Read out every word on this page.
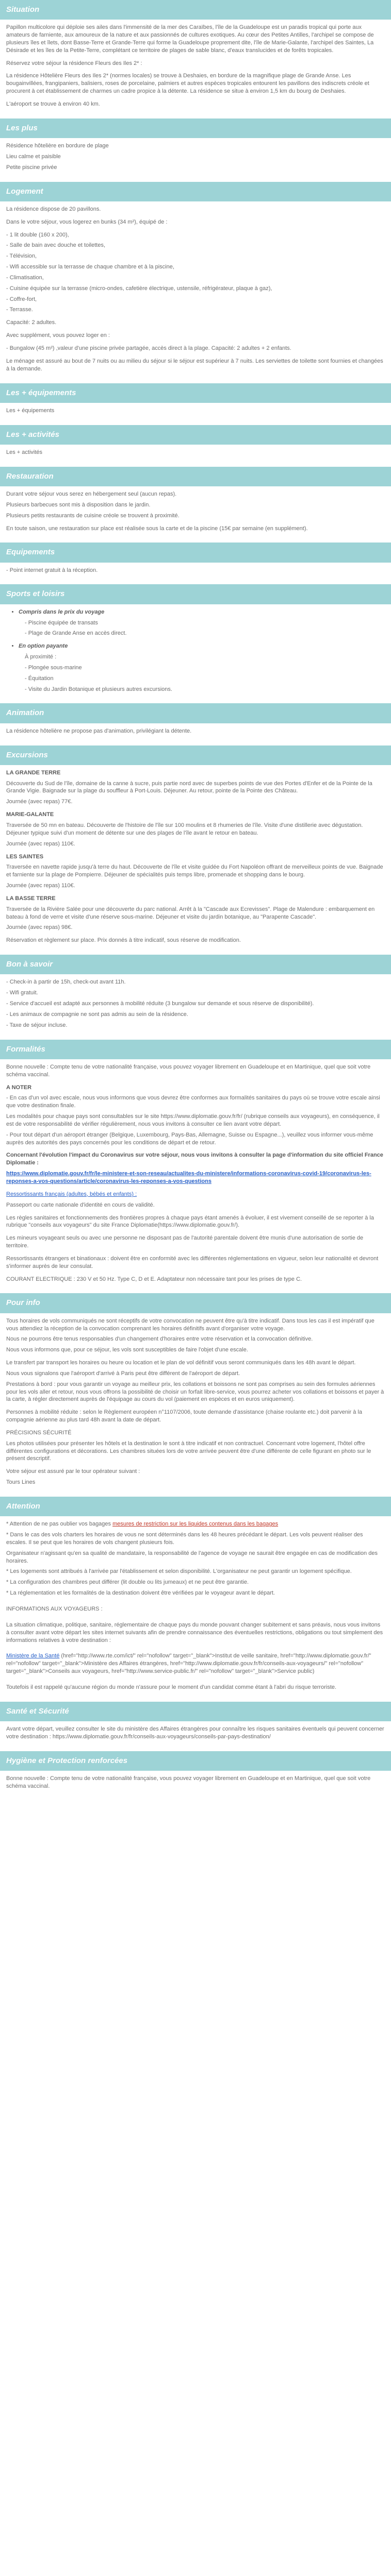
Situation

Papillon multicolore qui déploie ses ailes dans l'immensité de la mer des Caraïbes, l'île de la Guadeloupe est un paradis tropical qui porte aux amateurs de farniente, aux amoureux de la nature et aux passionnés de cultures exotiques. Au cœur des Petites Antilles, l'archipel se compose de plusieurs îles et îlets, dont Basse-Terre et Grande-Terre qui forme la Guadeloupe proprement dite, l'île de Marie-Galante, l'archipel des Saintes, La Désirade et les îles de la Petite-Terre, complétant ce territoire de plages de sable blanc, d'eaux translucides et de forêts tropicales.

Réservez votre séjour la résidence Fleurs des Iles 2* :

La résidence Hôtelière Fleurs des Iles 2* (normes locales) se trouve à Deshaies, en bordure de la magnifique plage de Grande Anse. Les bougainvillées, frangipaniers, balisiers, roses de porcelaine, palmiers et autres espèces tropicales entourent les pavillons des indiscrets créole et procurent à cet établissement de charmes un cadre propice à la détente. La résidence se situe à environ 1,5 km du bourg de Deshaies.

L'aéroport se trouve à environ 40 km.

Les plus

Résidence hôtelière en bordure de plage

Lieu calme et paisible

Petite piscine privée

Logement

La résidence dispose de 20 pavillons.

Dans le votre séjour, vous logerez en bunks (34 m²), équipé de :

- 1 lit double (160 x 200),

- Salle de bain avec douche et toilettes,

- Télévision,

- Wifi accessible sur la terrasse de chaque chambre et à la piscine,

- Climatisation,

- Cuisine équipée sur la terrasse (micro-ondes, cafetière électrique, ustensile, réfrigérateur, plaque à gaz),

- Coffre-fort,

- Terrasse.

Capacité: 2 adultes.

Avec supplément, vous pouvez loger en :

- Bungalow (45 m²) ,valeur d'une piscine privée partagée, accès direct à la plage. Capacité: 2 adultes + 2 enfants.

Le ménage est assuré au bout de 7 nuits ou au milieu du séjour si le séjour est supérieur à 7 nuits. Les serviettes de toilette sont fournies et changées à la demande.

Les + équipements

Les + équipements

Les + activités

Les + activités

Restauration

Durant votre séjour vous serez en hébergement seul (aucun repas).

Plusieurs barbecues sont mis à disposition dans le jardin.

Plusieurs petits restaurants de cuisine créole se trouvent à proximité.

En toute saison, une restauration sur place est réalisée sous la carte et de la piscine (15€ par semaine (en supplément).

Equipements

- Point internet gratuit à la réception.

Sports et loisirs
• Compris dans le prix du voyage

- Piscine équipée de transats

- Plage de Grande Anse en accès direct.

• En option payante

À proximité :

- Plongée sous-marine

- Équitation

- Visite du Jardin Botanique et plusieurs autres excursions.

Animation

La résidence hôtelière ne propose pas d'animation, privilégiant la détente.

Excursions

LA GRANDE TERRE

Découverte du Sud de l'île, domaine de la canne à sucre, puis partie nord avec de superbes points de vue des Portes d'Enfer et de la Pointe de la Grande Vigie. Baignade sur la plage du souffleur à Port-Louis. Déjeuner. Au retour, pointe de la Pointe des Château.

Journée (avec repas) 77€.

MARIE-GALANTE

Traversée de 50 mn en bateau. Découverte de l'histoire de l'île sur 100 moulins et 8 rhumeries de l'île. Visite d'une distillerie avec dégustation. Déjeuner typique suivi d'un moment de détente sur une des plages de l'île avant le retour en bateau.

Journée (avec repas) 110€.

LES SAINTES

Traversée en navette rapide jusqu'à terre du haut. Découverte de l'île et visite guidée du Fort Napoléon offrant de merveilleux points de vue. Baignade et farniente sur la plage de Pompierre. Déjeuner de spécialités puis temps libre, promenade et shopping dans le bourg.

Journée (avec repas) 110€.

LA BASSE TERRE

Traversée de la Rivière Salée pour une découverte du parc national. Arrêt à la "Cascade aux Ecrevisses". Plage de Malendure : embarquement en bateau à fond de verre et visite d'une réserve sous-marine. Déjeuner et visite du jardin botanique, au "Parapente Cascade".

Journée (avec repas) 98€.

Réservation et règlement sur place. Prix donnés à titre indicatif, sous réserve de modification.

Bon à savoir

- Check-in à partir de 15h, check-out avant 11h.

- Wifi gratuit.

- Service d'accueil est adapté aux personnes à mobilité réduite (3 bungalow sur demande et sous réserve de disponibilité).

- Les animaux de compagnie ne sont pas admis au sein de la résidence.

- Taxe de séjour incluse.

Formalités

Bonne nouvelle : Compte tenu de votre nationalité française, vous pouvez voyager librement en Guadeloupe et en Martinique, quel que soit votre schéma vaccinal.

A NOTER

- En cas d'un vol avec escale, nous vous informons que vous devrez être conformes aux formalités sanitaires du pays où se trouve votre escale ainsi que votre destination finale.

Les modalités pour chaque pays sont consultables sur le site https://www.diplomatie.gouv.fr/fr/ (rubrique conseils aux voyageurs), en conséquence, il est de votre responsabilité de vérifier régulièrement, nous vous invitons à consulter ce lien avant votre départ.

- Pour tout départ d'un aéroport étranger (Belgique, Luxembourg, Pays-Bas, Allemagne, Suisse ou Espagne...), veuillez vous informer vous-même auprès des autorités des pays concernés pour les conditions de départ et de retour.

Concernant l'évolution l'impact du Coronavirus sur votre séjour, nous vous invitons à consulter la page d'information du site officiel France Diplomatie :

https://www.diplomatie.gouv.fr/fr/le-ministere-et-son-reseau/actualites-du-ministere/informations-coronavirus-covid-19/coronavirus-les-reponses-a-vos-questions/article/coronavirus-les-reponses-a-vos-questions

Ressortissants français (adultes, bébés et enfants) :

Passeport ou carte nationale d'identité en cours de validité.

Les règles sanitaires et fonctionnements des frontières propres à chaque pays étant amenés à évoluer, il est vivement conseillé de se reporter à la rubrique "conseils aux voyageurs" du site France Diplomatie(https://www.diplomatie.gouv.fr/).

Les mineurs voyageant seuls ou avec une personne ne disposant pas de l'autorité parentale doivent être munis d'une autorisation de sortie de territoire.

Ressortissants étrangers et binationaux : doivent être en conformité avec les différentes réglementations en vigueur, selon leur nationalité et devront s'informer auprès de leur consulat.

COURANT ELECTRIQUE : 230 V et 50 Hz. Type C, D et E. Adaptateur non nécessaire tant pour les prises de type C.

Pour info

Tous horaires de vols communiqués ne sont réceptifs de votre convocation ne peuvent être qu'à titre indicatif. Dans tous les cas il est impératif que vous attendiez la réception de la convocation comprenant les horaires définitifs avant d'organiser votre voyage.

Nous ne pourrons être tenus responsables d'un changement d'horaires entre votre réservation et la convocation définitive.

Nous vous informons que, pour ce séjour, les vols sont susceptibles de faire l'objet d'une escale.

Le transfert par transport les horaires ou heure ou location et le plan de vol définitif vous seront communiqués dans les 48h avant le départ.

Nous vous signalons que l'aéroport d'arrivé à Paris peut être différent de l'aéroport de départ.

Prestations à bord : pour vous garantir un voyage au meilleur prix, les collations et boissons ne sont pas comprises au sein des formules aériennes pour les vols aller et retour, nous vous offrons la possibilité de choisir un forfait libre-service, vous pourrez acheter vos collations et boissons et payer à la carte, à régler directement auprès de l'équipage au cours du vol (paiement en espèces et en euros uniquement).

Personnes à mobilité réduite : selon le Règlement européen n°1107/2006, toute demande d'assistance (chaise roulante etc.) doit parvenir à la compagnie aérienne au plus tard 48h avant la date de départ.

PRÉCISIONS SÉCURITÉ

Les photos utilisées pour présenter les hôtels et la destination le sont à titre indicatif et non contractuel. Concernant votre logement, l'hôtel offre différentes configurations et décorations. Les chambres situées lors de votre arrivée peuvent être d'une différente de celle figurant en photo sur le présent descriptif.

Votre séjour est assuré par le tour opérateur suivant :

Tours Lines

Attention

* Attention de ne pas oublier vos bagages mesures de restriction sur les liquides contenus dans les bagages

* Dans le cas des vols charters les horaires de vous ne sont déterminés dans les 48 heures précédant le départ. Les vols peuvent réaliser des escales. Il se peut que les horaires de vols changent plusieurs fois.

Organisateur n'agissant qu'en sa qualité de mandataire, la responsabilité de l'agence de voyage ne saurait être engagée en cas de modification des horaires.

* Les logements sont attribués à l'arrivée par l'établissement et selon disponibilité. L'organisateur ne peut garantir un logement spécifique.

* La configuration des chambres peut différer (lit double ou lits jumeaux) et ne peut être garantie.

* La réglementation et les formalités de la destination doivent être vérifiées par le voyageur avant le départ.

INFORMATIONS AUX VOYAGEURS :

La situation climatique, politique, sanitaire, réglementaire de chaque pays du monde pouvant changer subitement et sans préavis, nous vous invitons à consulter avant votre départ les sites internet suivants afin de prendre connaissance des éventuelles restrictions, obligations ou tout simplement des informations relatives à votre destination :

Ministère de la Santé (href="http://www.rte.com/ict/" rel="nofollow" target="_blank">Institut de veille sanitaire, href="http://www.diplomatie.gouv.fr/" rel="nofollow" target="_blank">Ministère des Affaires étrangères, href="http://www.diplomatie.gouv.fr/fr/conseils-aux-voyageurs/" rel="nofollow" target="_blank">Conseils aux voyageurs, href="http://www.service-public.fr/" rel="nofollow" target="_blank">Service public)

Toutefois il est rappelé qu'aucune région du monde n'assure pour le moment d'un candidat comme étant à l'abri du risque terroriste.

Santé et Sécurité

Avant votre départ, veuillez consulter le site du ministère des Affaires étrangères pour connaître les risques sanitaires éventuels qui peuvent concerner votre destination : https://www.diplomatie.gouv.fr/fr/conseils-aux-voyageurs/conseils-par-pays-destination/

Hygiène et Protection renforcées

Bonne nouvelle : Compte tenu de votre nationalité française, vous pouvez voyager librement en Guadeloupe et en Martinique, quel que soit votre schéma vaccinal.
